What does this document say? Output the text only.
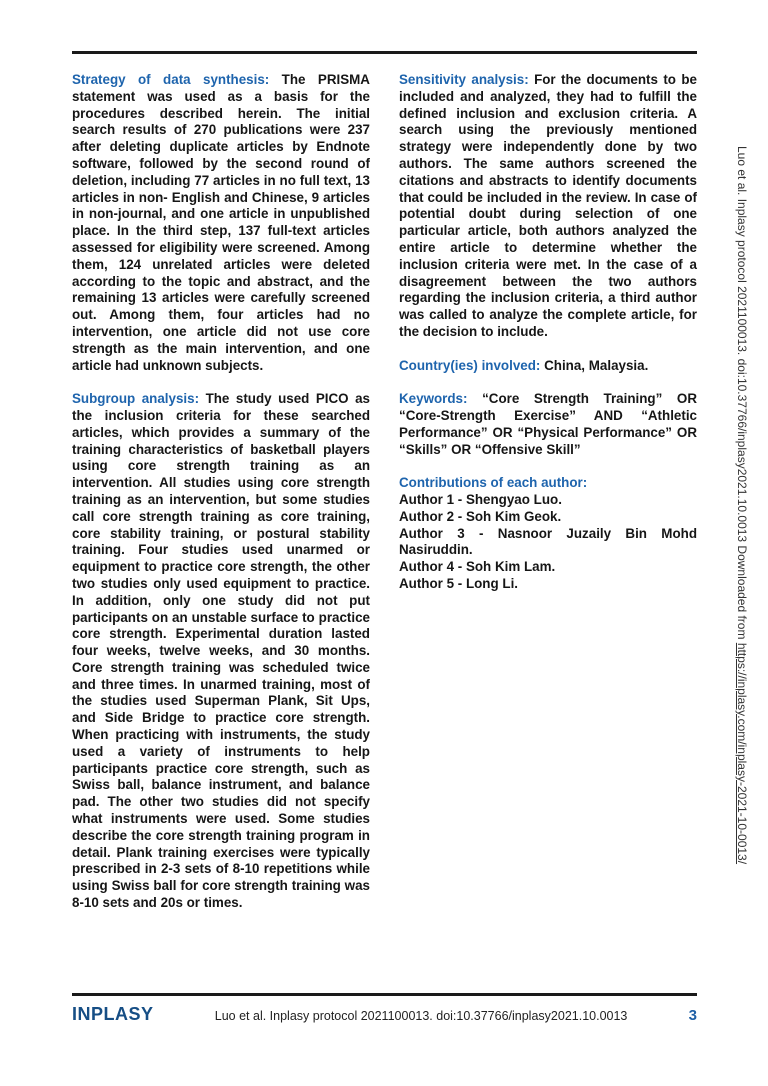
Strategy of data synthesis: The PRISMA statement was used as a basis for the procedures described herein. The initial search results of 270 publications were 237 after deleting duplicate articles by Endnote software, followed by the second round of deletion, including 77 articles in no full text, 13 articles in non- English and Chinese, 9 articles in non-journal, and one article in unpublished place. In the third step, 137 full-text articles assessed for eligibility were screened. Among them, 124 unrelated articles were deleted according to the topic and abstract, and the remaining 13 articles were carefully screened out. Among them, four articles had no intervention, one article did not use core strength as the main intervention, and one article had unknown subjects.

Subgroup analysis: The study used PICO as the inclusion criteria for these searched articles, which provides a summary of the training characteristics of basketball players using core strength training as an intervention. All studies using core strength training as an intervention, but some studies call core strength training as core training, core stability training, or postural stability training. Four studies used unarmed or equipment to practice core strength, the other two studies only used equipment to practice. In addition, only one study did not put participants on an unstable surface to practice core strength. Experimental duration lasted four weeks, twelve weeks, and 30 months. Core strength training was scheduled twice and three times. In unarmed training, most of the studies used Superman Plank, Sit Ups, and Side Bridge to practice core strength. When practicing with instruments, the study used a variety of instruments to help participants practice core strength, such as Swiss ball, balance instrument, and balance pad. The other two studies did not specify what instruments were used. Some studies describe the core strength training program in detail. Plank training exercises were typically prescribed in 2-3 sets of 8-10 repetitions while using Swiss ball for core strength training was 8-10 sets and 20s or times.

Sensitivity analysis: For the documents to be included and analyzed, they had to fulfill the defined inclusion and exclusion criteria. A search using the previously mentioned strategy were independently done by two authors. The same authors screened the citations and abstracts to identify documents that could be included in the review. In case of potential doubt during selection of one particular article, both authors analyzed the entire article to determine whether the inclusion criteria were met. In the case of a disagreement between the two authors regarding the inclusion criteria, a third author was called to analyze the complete article, for the decision to include.

Country(ies) involved: China, Malaysia.

Keywords: “Core Strength Training” OR “Core-Strength Exercise” AND “Athletic Performance” OR “Physical Performance” OR “Skills” OR “Offensive Skill”

Contributions of each author:
Author 1 - Shengyao Luo.
Author 2 - Soh Kim Geok.
Author 3 - Nasnoor Juzaily Bin Mohd Nasiruddin.
Author 4 - Soh Kim Lam.
Author 5 - Long Li.	Luo et al. Inplasy protocol 2021100013. doi:10.37766/inplasy2021.10.0013 Downloaded from https://inplasy.com/inplasy-2021-10-0013/
INPLASY	Luo et al. Inplasy protocol 2021100013. doi:10.37766/inplasy2021.10.0013	3
